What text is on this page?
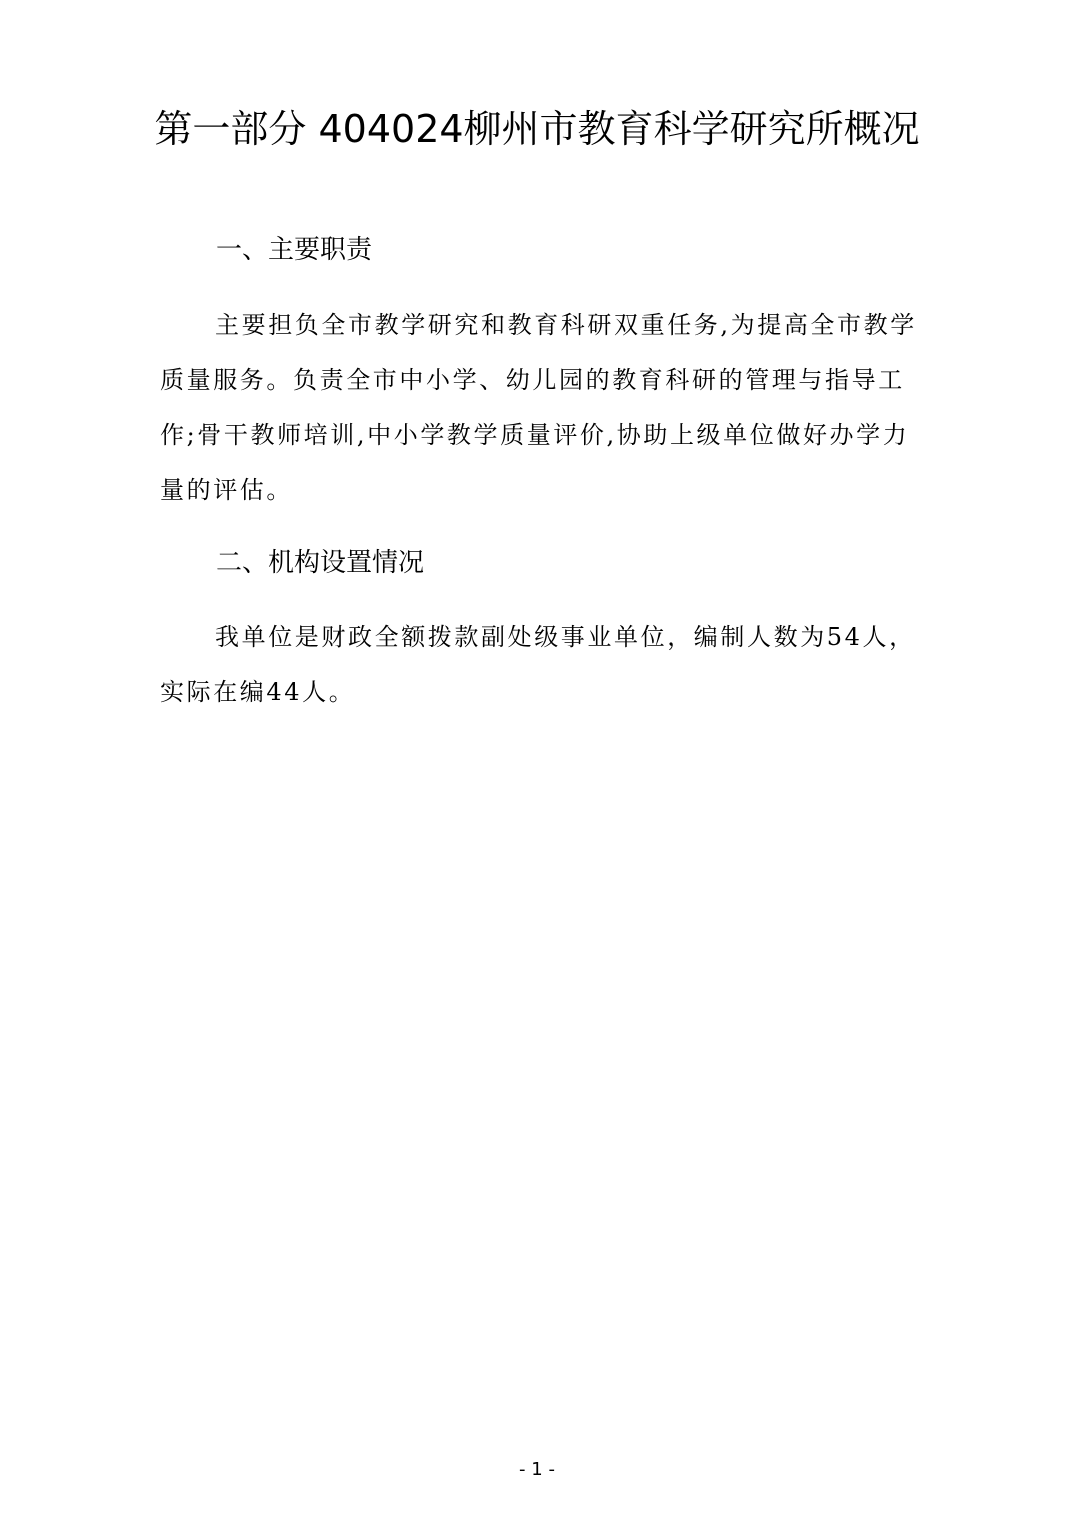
第一部分 404024柳州市教育科学研究所概况
一、主要职责

主要担负全市教学研究和教育科研双重任务,为提高全市教学质量服务。负责全市中小学、幼儿园的教育科研的管理与指导工作;骨干教师培训,中小学教学质量评价,协助上级单位做好办学力量的评估。

二、机构设置情况

我单位是财政全额拨款副处级事业单位，编制人数为54人，实际在编44人。

- 1 -
